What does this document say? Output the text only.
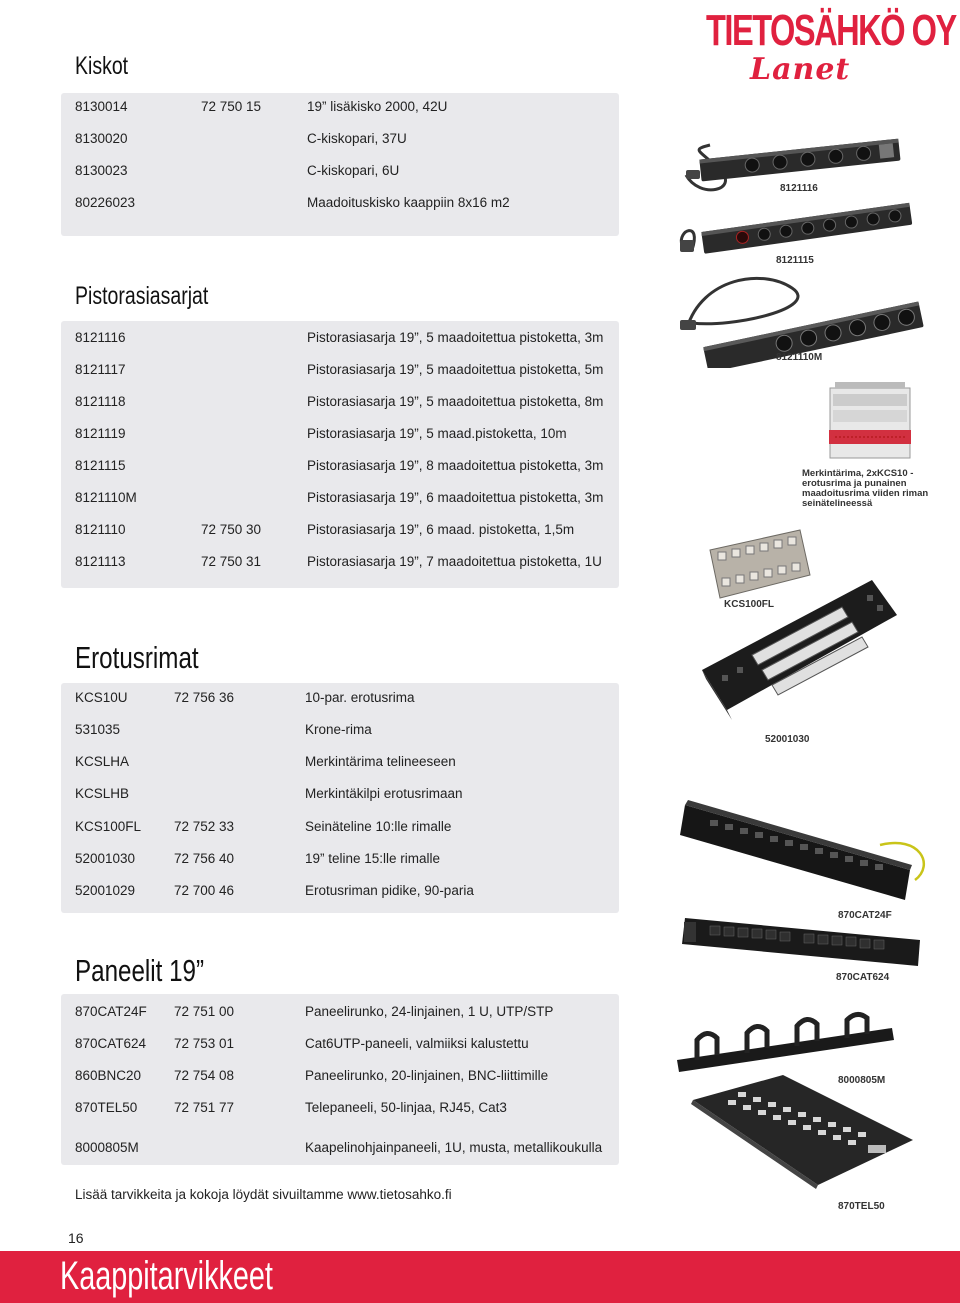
TIETOSÄHKÖ OY
Lanet
Kiskot
8130014	72 750 15	19” lisäkisko 2000, 42U
8130020	C-kiskopari, 37U
8130023	C-kiskopari, 6U
80226023	Maadoituskisko kaappiin 8x16 m2
Pistorasiasarjat
8121116	Pistorasiasarja 19”, 5 maadoitettua pistoketta, 3m
8121117	Pistorasiasarja 19”, 5 maadoitettua pistoketta, 5m
8121118	Pistorasiasarja 19”, 5 maadoitettua pistoketta, 8m
8121119	Pistorasiasarja 19”, 5 maad.pistoketta, 10m
8121115	Pistorasiasarja 19”, 8 maadoitettua pistoketta, 3m
8121110M	Pistorasiasarja 19”, 6 maadoitettua pistoketta, 3m
8121110	72 750 30	Pistorasiasarja 19”, 6 maad. pistoketta, 1,5m
8121113	72 750 31	Pistorasiasarja 19”, 7 maadoitettua pistoketta, 1U
Erotusrimat
KCS10U	72 756 36	10-par. erotusrima
531035	Krone-rima
KCSLHA	Merkintärima telineeseen
KCSLHB	Merkintäkilpi erotusrimaan
KCS100FL 72 752 33	Seinäteline 10:lle rimalle
52001030	72 756 40	19” teline 15:lle rimalle
52001029	72 700 46	Erotusriman pidike, 90-paria
Paneelit 19”
870CAT24F 72 751 00	Paneelirunko, 24-linjainen, 1 U, UTP/STP
870CAT624 72 753 01	Cat6UTP-paneeli, valmiiksi kalustettu
860BNC20 72 754 08	Paneelirunko, 20-linjainen, BNC-liittimille
870TEL50	72 751 77	Telepaneeli, 50-linjaa, RJ45, Cat3
8000805M	Kaapelinohjainpaneeli, 1U, musta, metallikoukulla
Lisää tarvikkeita ja kokoja löydät sivuiltamme www.tietosahko.fi
16
Kaappitarvikkeet
8121116
8121115
8121110M
Merkintärima, 2xKCS10 -erotusrima ja punainen maadoitusrima viiden riman seinätelineessä
KCS100FL
52001030
870CAT24F
870CAT624
8000805M
870TEL50
